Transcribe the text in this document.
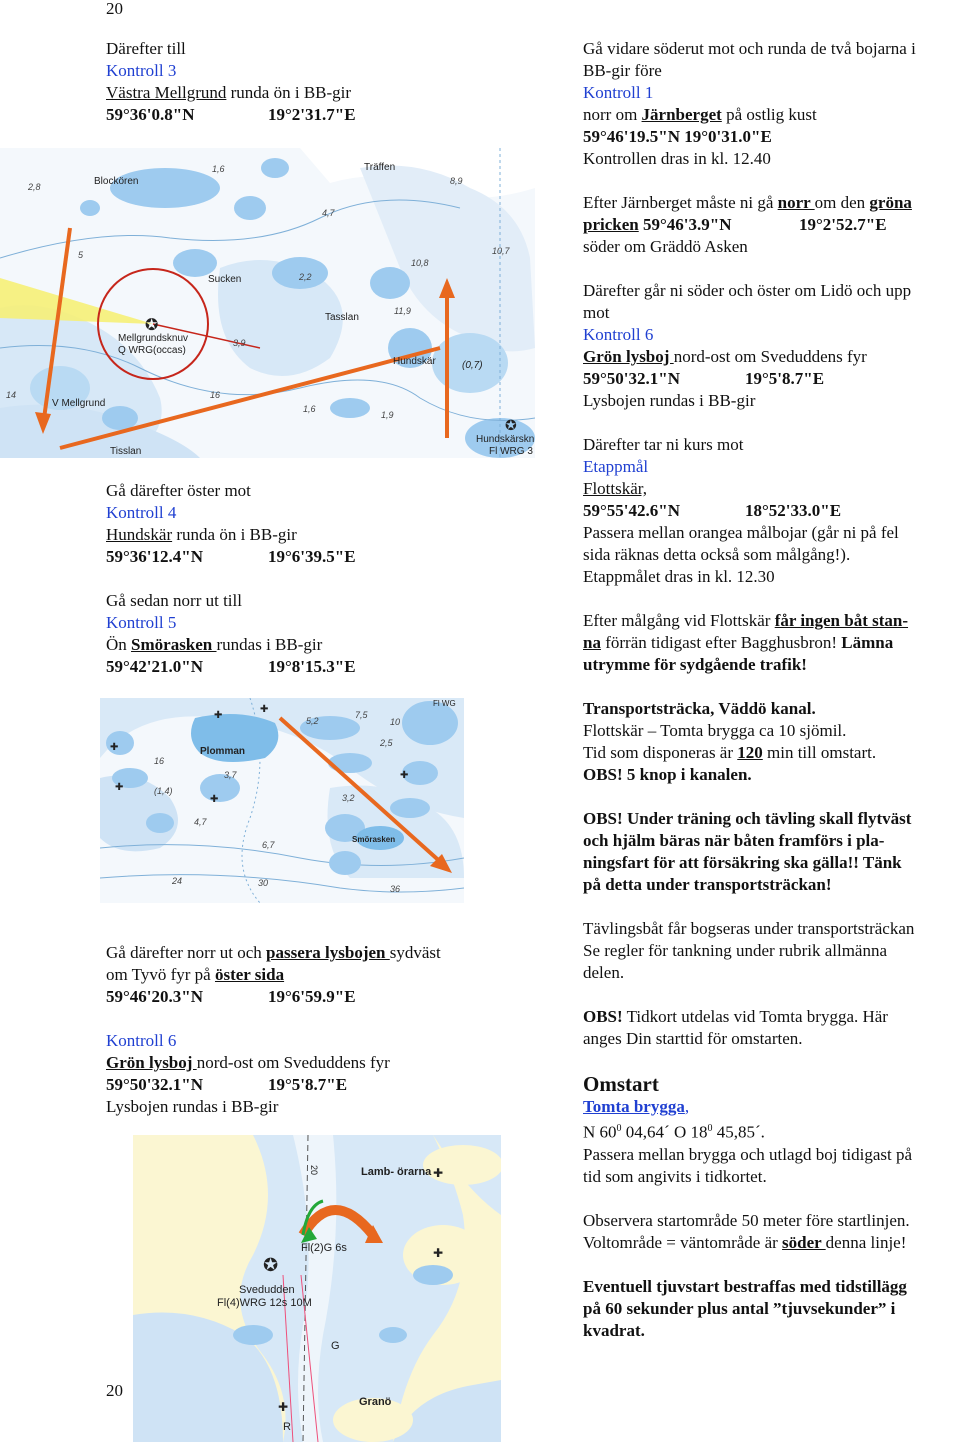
20
20
Därefter till
Kontroll 3
Västra Mellgrund runda ön i BB-gir
59°36'0.8"N	19°2'31.7"E
✪
✪
Blockören
Träffen
Sucken
Tasslan
Mellgrundsknuv
Q WRG(occas)
V Mellgrund
Tisslan
Hundskär
Hundskärskn
Fl WRG 3
(0,7)
2,8
1,6
8,9
4,7
5	10,7
2,2
10,8
11,9
3,9
14	16
1,6
1,9
Gå därefter öster mot
Kontroll 4
Hundskär runda ön i BB-gir
59°36'12.4"N	19°6'39.5"E
Gå sedan norr ut till
Kontroll 5
Ön Smörasken rundas i BB-gir
59°42'21.0"N	19°8'15.3"E
Plomman
Smörasken
Fl WG
7,5
5,2	10
2,5
16
3,7
(1,4)
3,2
4,7
6,7
24	30
36
✚
✚
✚
✚
✚
✚
Gå därefter norr ut och passera lysbojen sydväst
om Tyvö fyr på öster sida
59°46'20.3"N	19°6'59.9"E
Kontroll 6
Grön lysboj nord-ost om Sveduddens fyr
59°50'32.1"N	19°5'8.7"E
Lysbojen rundas i BB-gir
✪
✚
✚
✚
Lamb- örarna
Fl(2)G 6s
Svedudden
Fl(4)WRG 12s 10M
G
R
Granö
20
Gå vidare söderut mot och runda de två bojarna i
BB-gir före
Kontroll 1
norr om Järnberget på ostlig kust
59°46'19.5"N 19°0'31.0"E
Kontrollen dras in kl. 12.40
Efter Järnberget måste ni gå norr om den gröna
pricken 59°46'3.9"N	19°2'52.7"E
söder om Gräddö Asken
Därefter går ni söder och öster om Lidö och upp
mot
Kontroll 6
Grön lysboj nord-ost om Sveduddens fyr
59°50'32.1"N	19°5'8.7"E
Lysbojen rundas i BB-gir
Därefter tar ni kurs mot
Etappmål
Flottskär,
59°55'42.6"N	18°52'33.0"E
Passera mellan orangea målbojar (går ni på fel
sida räknas detta också som målgång!).
Etappmålet dras in kl. 12.30
Efter målgång vid Flottskär får ingen båt stan-
na förrän tidigast efter Bagghusbron! Lämna
utrymme för sydgående trafik!
Transportsträcka, Väddö kanal.
Flottskär – Tomta brygga ca 10 sjömil.
Tid som disponeras är 120 min till omstart.
OBS! 5 knop i kanalen.
OBS! Under träning och tävling skall flytväst
och hjälm bäras när båten framförs i pla-
ningsfart för att försäkring ska gälla!! Tänk
på detta under transportsträckan!
Tävlingsbåt får bogseras under transportsträckan
Se regler för tankning under rubrik allmänna
delen.
OBS! Tidkort utdelas vid Tomta brygga. Här
anges Din starttid för omstarten.
Omstart
Tomta brygga,
N $60^0$ 04,64´ O $18^0$ 45,85´.
Passera mellan brygga och utlagd boj tidigast på
tid som angivits i tidkortet.
Observera startområde 50 meter före startlinjen.
Voltområde = väntområde är söder denna linje!
Eventuell tjuvstart bestraffas med tidstillägg
på 60 sekunder plus antal ”tjuvsekunder” i
kvadrat.
